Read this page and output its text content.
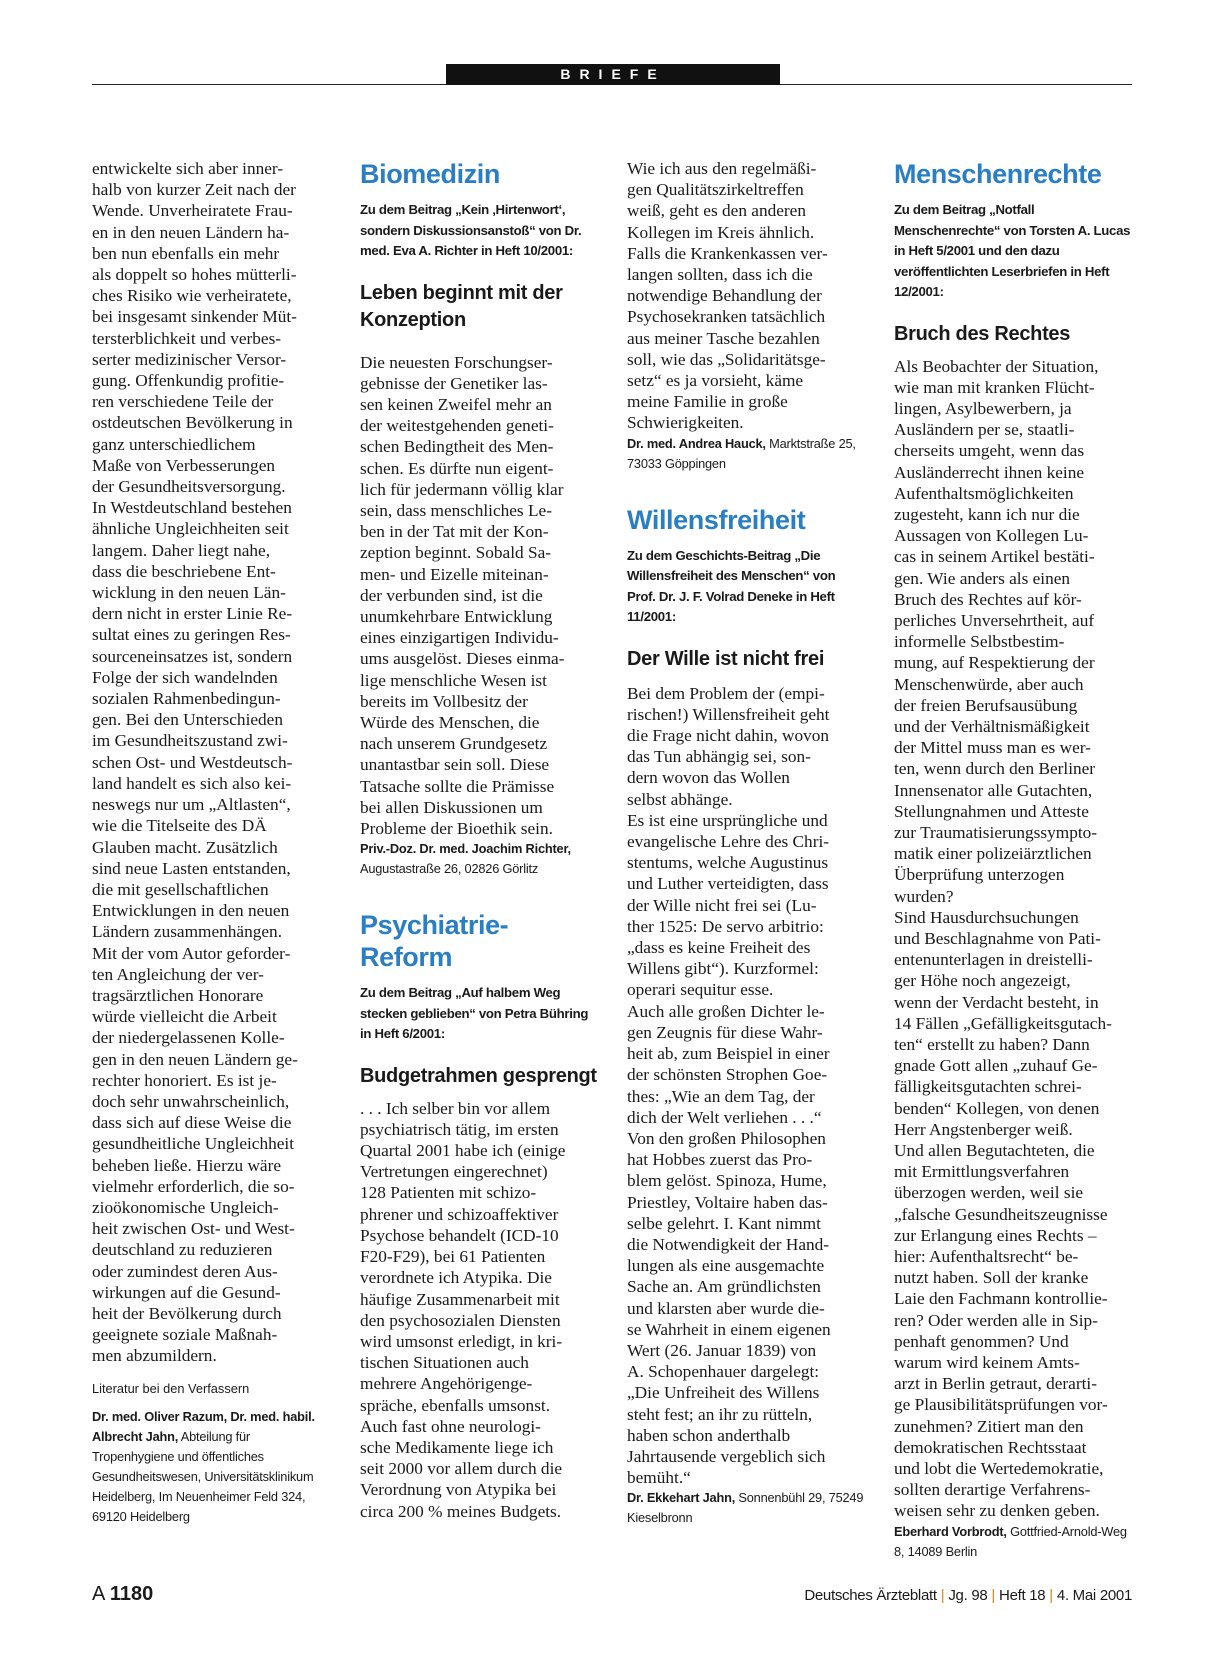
BRIEFE
entwickelte sich aber inner-
halb von kurzer Zeit nach der
Wende. Unverheiratete Frau-
en in den neuen Ländern ha-
ben nun ebenfalls ein mehr
als doppelt so hohes mütterli-
ches Risiko wie verheiratete,
bei insgesamt sinkender Müt-
tersterblichkeit und verbes-
serter medizinischer Versor-
gung. Offenkundig profitie-
ren verschiedene Teile der
ostdeutschen Bevölkerung in
ganz unterschiedlichem
Maße von Verbesserungen
der Gesundheitsversorgung.
In Westdeutschland bestehen
ähnliche Ungleichheiten seit
langem. Daher liegt nahe,
dass die beschriebene Ent-
wicklung in den neuen Län-
dern nicht in erster Linie Re-
sultat eines zu geringen Res-
sourceneinsatzes ist, sondern
Folge der sich wandelnden
sozialen Rahmenbedingun-
gen. Bei den Unterschieden
im Gesundheitszustand zwi-
schen Ost- und Westdeutsch-
land handelt es sich also kei-
neswegs nur um „Altlasten“,
wie die Titelseite des DÄ
Glauben macht. Zusätzlich
sind neue Lasten entstanden,
die mit gesellschaftlichen
Entwicklungen in den neuen
Ländern zusammenhängen.
Mit der vom Autor geforder-
ten Angleichung der ver-
tragsärztlichen Honorare
würde vielleicht die Arbeit
der niedergelassenen Kolle-
gen in den neuen Ländern ge-
rechter honoriert. Es ist je-
doch sehr unwahrscheinlich,
dass sich auf diese Weise die
gesundheitliche Ungleichheit
beheben ließe. Hierzu wäre
vielmehr erforderlich, die so-
zioökonomische Ungleich-
heit zwischen Ost- und West-
deutschland zu reduzieren
oder zumindest deren Aus-
wirkungen auf die Gesund-
heit der Bevölkerung durch
geeignete soziale Maßnah-
men abzumildern.

Literatur bei den Verfassern

Dr. med. Oliver Razum, Dr. med. habil. Albrecht Jahn, Abteilung für Tropenhygiene und öffentliches Gesundheitswesen, Universitätsklinikum Heidelberg, Im Neuenheimer Feld 324, 69120 Heidelberg

Biomedizin

Zu dem Beitrag „Kein ‚Hirtenwort‘, sondern Diskussionsanstoß“ von Dr. med. Eva A. Richter in Heft 10/2001:

Leben beginnt mit der Konzeption
Die neuesten Forschungser-
gebnisse der Genetiker las-
sen keinen Zweifel mehr an
der weitestgehenden geneti-
schen Bedingtheit des Men-
schen. Es dürfte nun eigent-
lich für jedermann völlig klar
sein, dass menschliches Le-
ben in der Tat mit der Kon-
zeption beginnt. Sobald Sa-
men- und Eizelle miteinan-
der verbunden sind, ist die
unumkehrbare Entwicklung
eines einzigartigen Individu-
ums ausgelöst. Dieses einma-
lige menschliche Wesen ist
bereits im Vollbesitz der
Würde des Menschen, die
nach unserem Grundgesetz
unantastbar sein soll. Diese
Tatsache sollte die Prämisse
bei allen Diskussionen um
Probleme der Bioethik sein.

Priv.-Doz. Dr. med. Joachim Richter, Augustastraße 26, 02826 Görlitz

Psychiatrie-Reform

Zu dem Beitrag „Auf halbem Weg stecken geblieben“ von Petra Bühring in Heft 6/2001:

Budgetrahmen gesprengt
. . . Ich selber bin vor allem
psychiatrisch tätig, im ersten
Quartal 2001 habe ich (einige
Vertretungen eingerechnet)
128 Patienten mit schizo-
phrener und schizoaffektiver
Psychose behandelt (ICD-10
F20-F29), bei 61 Patienten
verordnete ich Atypika. Die
häufige Zusammenarbeit mit
den psychosozialen Diensten
wird umsonst erledigt, in kri-
tischen Situationen auch
mehrere Angehörigenge-
spräche, ebenfalls umsonst.
Auch fast ohne neurologi-
sche Medikamente liege ich
seit 2000 vor allem durch die
Verordnung von Atypika bei
circa 200 % meines Budgets.
Wie ich aus den regelmäßi-
gen Qualitätszirkeltreffen
weiß, geht es den anderen
Kollegen im Kreis ähnlich.
Falls die Krankenkassen ver-
langen sollten, dass ich die
notwendige Behandlung der
Psychosekranken tatsächlich
aus meiner Tasche bezahlen
soll, wie das „Solidaritätsge-
setz“ es ja vorsieht, käme
meine Familie in große
Schwierigkeiten.

Dr. med. Andrea Hauck, Marktstraße 25, 73033 Göppingen

Willensfreiheit

Zu dem Geschichts-Beitrag „Die Willensfreiheit des Menschen“ von Prof. Dr. J. F. Volrad Deneke in Heft 11/2001:

Der Wille ist nicht frei
Bei dem Problem der (empi-
rischen!) Willensfreiheit geht
die Frage nicht dahin, wovon
das Tun abhängig sei, son-
dern wovon das Wollen
selbst abhänge.
Es ist eine ursprüngliche und
evangelische Lehre des Chri-
stentums, welche Augustinus
und Luther verteidigten, dass
der Wille nicht frei sei (Lu-
ther 1525: De servo arbitrio:
„dass es keine Freiheit des
Willens gibt“). Kurzformel:
operari sequitur esse.
Auch alle großen Dichter le-
gen Zeugnis für diese Wahr-
heit ab, zum Beispiel in einer
der schönsten Strophen Goe-
thes: „Wie an dem Tag, der
dich der Welt verliehen . . .“
Von den großen Philosophen
hat Hobbes zuerst das Pro-
blem gelöst. Spinoza, Hume,
Priestley, Voltaire haben das-
selbe gelehrt. I. Kant nimmt
die Notwendigkeit der Hand-
lungen als eine ausgemachte
Sache an. Am gründlichsten
und klarsten aber wurde die-
se Wahrheit in einem eigenen
Wert (26. Januar 1839) von
A. Schopenhauer dargelegt:
„Die Unfreiheit des Willens
steht fest; an ihr zu rütteln,
haben schon anderthalb
Jahrtausende vergeblich sich
bemüht.“

Dr. Ekkehart Jahn, Sonnenbühl 29, 75249 Kieselbronn

Menschenrechte

Zu dem Beitrag „Notfall Menschenrechte“ von Torsten A. Lucas in Heft 5/2001 und den dazu veröffentlichten Leserbriefen in Heft 12/2001:

Bruch des Rechtes
Als Beobachter der Situation,
wie man mit kranken Flücht-
lingen, Asylbewerbern, ja
Ausländern per se, staatli-
cherseits umgeht, wenn das
Ausländerrecht ihnen keine
Aufenthaltsmöglichkeiten
zugesteht, kann ich nur die
Aussagen von Kollegen Lu-
cas in seinem Artikel bestäti-
gen. Wie anders als einen
Bruch des Rechtes auf kör-
perliches Unversehrtheit, auf
informelle Selbstbestim-
mung, auf Respektierung der
Menschenwürde, aber auch
der freien Berufsausübung
und der Verhältnismäßigkeit
der Mittel muss man es wer-
ten, wenn durch den Berliner
Innensenator alle Gutachten,
Stellungnahmen und Atteste
zur Traumatisierungssympto-
matik einer polizeiärztlichen
Überprüfung unterzogen
wurden?
Sind Hausdurchsuchungen
und Beschlagnahme von Pati-
entenunterlagen in dreistelli-
ger Höhe noch angezeigt,
wenn der Verdacht besteht, in
14 Fällen „Gefälligkeitsgutach-
ten“ erstellt zu haben? Dann
gnade Gott allen „zuhauf Ge-
fälligkeitsgutachten schrei-
benden“ Kollegen, von denen
Herr Angstenberger weiß.
Und allen Begutachteten, die
mit Ermittlungsverfahren
überzogen werden, weil sie
„falsche Gesundheitszeugnisse
zur Erlangung eines Rechts –
hier: Aufenthaltsrecht“ be-
nutzt haben. Soll der kranke
Laie den Fachmann kontrollie-
ren? Oder werden alle in Sip-
penhaft genommen? Und
warum wird keinem Amts-
arzt in Berlin getraut, derarti-
ge Plausibilitätsprüfungen vor-
zunehmen? Zitiert man den
demokratischen Rechtsstaat
und lobt die Wertedemokratie,
sollten derartige Verfahrens-
weisen sehr zu denken geben.

Eberhard Vorbrodt, Gottfried-Arnold-Weg 8, 14089 Berlin

A 1180	Deutsches Ärzteblatt | Jg. 98 | Heft 18 | 4. Mai 2001
